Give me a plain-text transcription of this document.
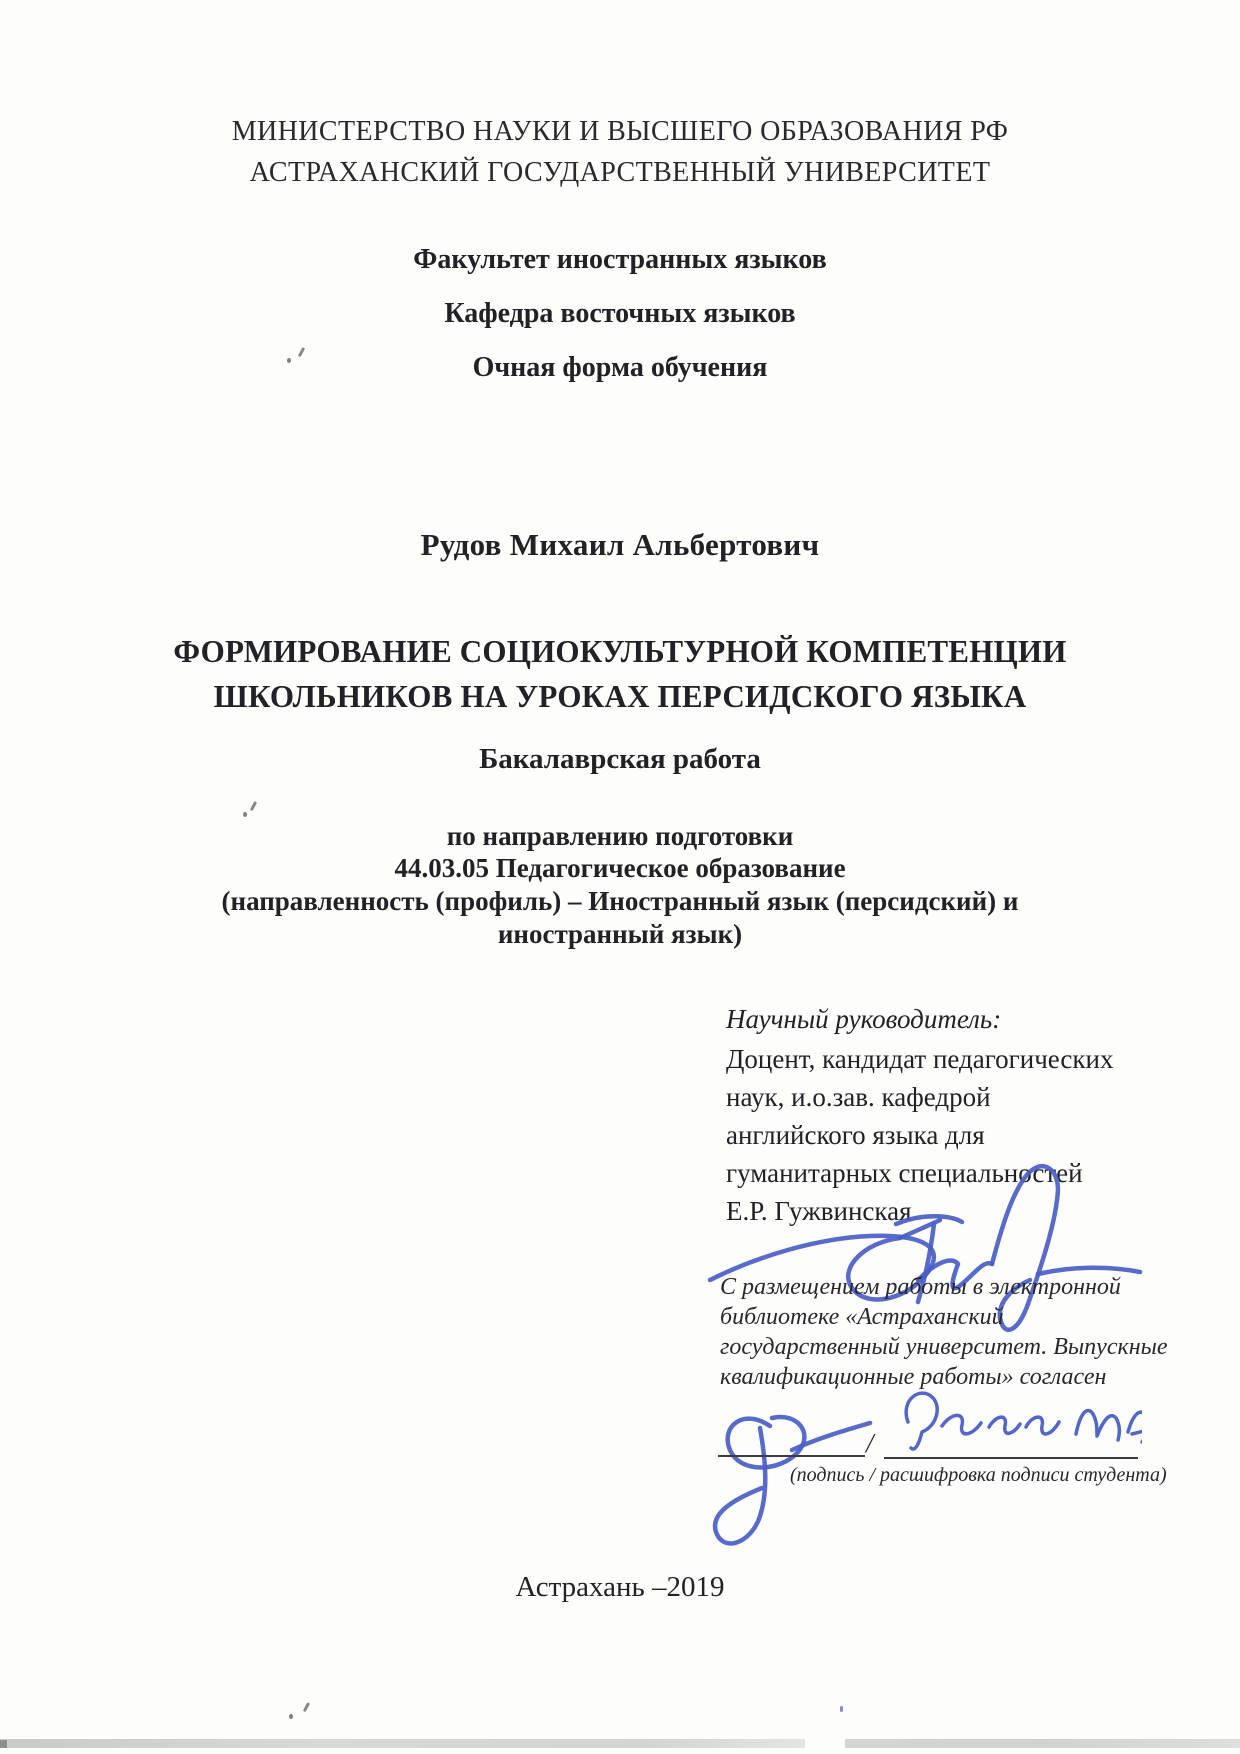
МИНИСТЕРСТВО НАУКИ И ВЫСШЕГО ОБРАЗОВАНИЯ РФ
АСТРАХАНСКИЙ ГОСУДАРСТВЕННЫЙ УНИВЕРСИТЕТ
Факультет иностранных языков
Кафедра восточных языков
Очная форма обучения
Рудов Михаил Альбертович
ФОРМИРОВАНИЕ СОЦИОКУЛЬТУРНОЙ КОМПЕТЕНЦИИ
ШКОЛЬНИКОВ НА УРОКАХ ПЕРСИДСКОГО ЯЗЫКА
Бакалаврская работа
по направлению подготовки
44.03.05 Педагогическое образование
(направленность (профиль) – Иностранный язык (персидский) и
иностранный язык)
Научный руководитель:
Доцент, кандидат педагогических
наук, и.о.зав. кафедрой
английского языка для
гуманитарных специальностей
Е.Р. Гужвинская
С размещением работы в электронной
библиотеке «Астраханский
государственный университет. Выпускные
квалификационные работы» согласен
/
(подпись / расшифровка подписи студента)
Астрахань –2019
